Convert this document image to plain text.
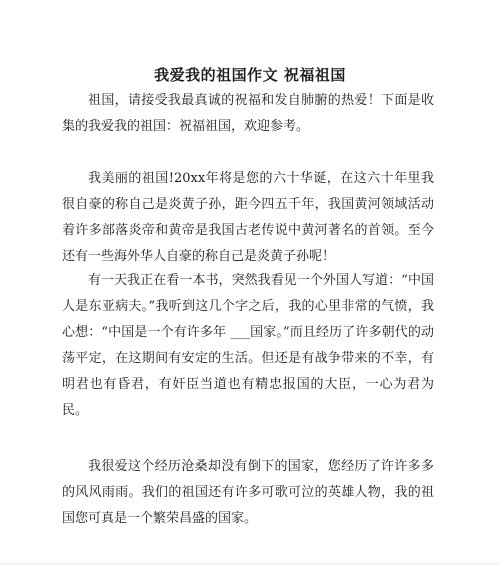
我爱我的祖国作文 祝福祖国

祖国，请接受我最真诚的祝福和发自肺腑的热爱！下面是收集的我爱我的祖国：祝福祖国，欢迎参考。

我美丽的祖国!20xx年将是您的六十华诞，在这六十年里我很自豪的称自己是炎黄子孙，距今四五千年，我国黄河领域活动着许多部落炎帝和黄帝是我国古老传说中黄河著名的首领。至今还有一些海外华人自豪的称自己是炎黄子孙呢！

有一天我正在看一本书，突然我看见一个外国人写道：“中国人是东亚病夫。”我听到这几个字之后，我的心里非常的气愤，我心想：“中国是一个有许多年 ___国家。”而且经历了许多朝代的动荡平定，在这期间有安定的生活。但还是有战争带来的不幸，有明君也有昏君，有奸臣当道也有精忠报国的大臣，一心为君为民。

我很爱这个经历沧桑却没有倒下的国家，您经历了许许多多的风风雨雨。我们的祖国还有许多可歌可泣的英雄人物，我的祖国您可真是一个繁荣昌盛的国家。
